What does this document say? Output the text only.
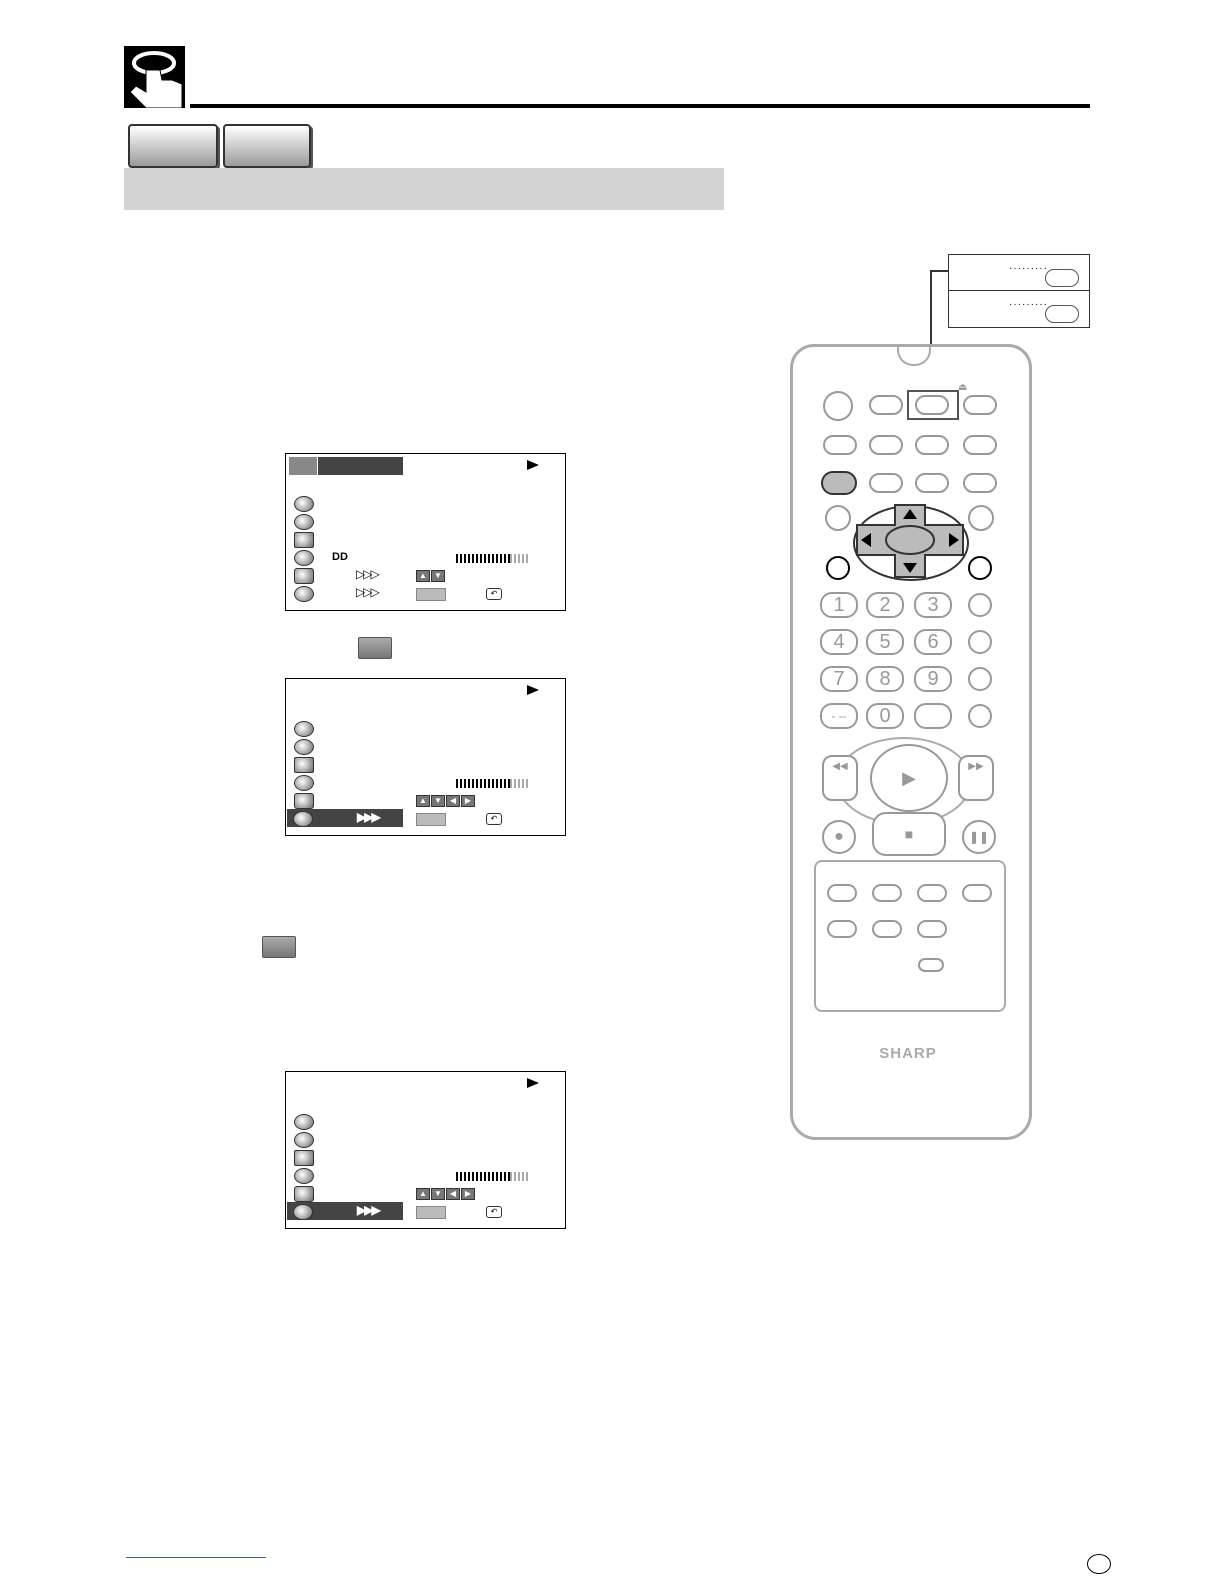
DD
▷▷▷	▲ ▼
▷▷▷	↶
▲ ▼ ◀	▶
▶▶▶	↶
▲ ▼ ◀	▶
▶▶▶	↶
·········
·········
⏏
1	2	3
4	5	6
7	8	9
- --	0
▶
◀◀	▶▶
●	■	❚❚
SHARP
